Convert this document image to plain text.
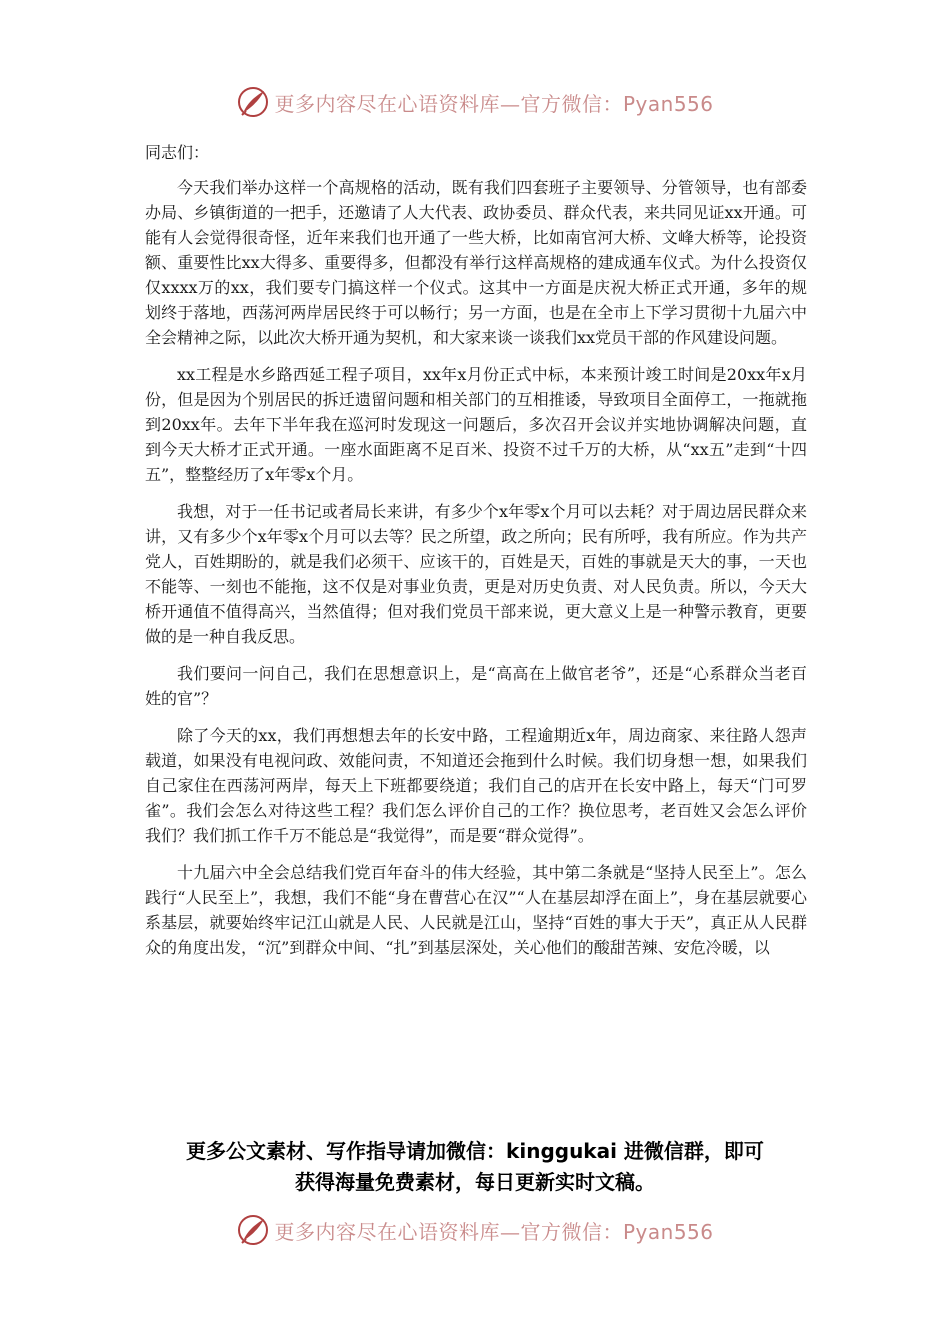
更多内容尽在心语资料库—官方微信：Pyan556

同志们：

今天我们举办这样一个高规格的活动，既有我们四套班子主要领导、分管领导，也有部委办局、乡镇街道的一把手，还邀请了人大代表、政协委员、群众代表，来共同见证xx开通。可能有人会觉得很奇怪，近年来我们也开通了一些大桥，比如南官河大桥、文峰大桥等，论投资额、重要性比xx大得多、重要得多，但都没有举行这样高规格的建成通车仪式。为什么投资仅仅xxxx万的xx，我们要专门搞这样一个仪式。这其中一方面是庆祝大桥正式开通，多年的规划终于落地，西荡河两岸居民终于可以畅行；另一方面，也是在全市上下学习贯彻十九届六中全会精神之际，以此次大桥开通为契机，和大家来谈一谈我们xx党员干部的作风建设问题。

xx工程是水乡路西延工程子项目，xx年x月份正式中标，本来预计竣工时间是20xx年x月份，但是因为个别居民的拆迁遗留问题和相关部门的互相推诿，导致项目全面停工，一拖就拖到20xx年。去年下半年我在巡河时发现这一问题后，多次召开会议并实地协调解决问题，直到今天大桥才正式开通。一座水面距离不足百米、投资不过千万的大桥，从“xx五”走到“十四五”，整整经历了x年零x个月。

我想，对于一任书记或者局长来讲，有多少个x年零x个月可以去耗？对于周边居民群众来讲，又有多少个x年零x个月可以去等？民之所望，政之所向；民有所呼，我有所应。作为共产党人，百姓期盼的，就是我们必须干、应该干的，百姓是天，百姓的事就是天大的事，一天也不能等、一刻也不能拖，这不仅是对事业负责，更是对历史负责、对人民负责。所以，今天大桥开通值不值得高兴，当然值得；但对我们党员干部来说，更大意义上是一种警示教育，更要做的是一种自我反思。

我们要问一问自己，我们在思想意识上，是“高高在上做官老爷”，还是“心系群众当老百姓的官”？

除了今天的xx，我们再想想去年的长安中路，工程逾期近x年，周边商家、来往路人怨声载道，如果没有电视问政、效能问责，不知道还会拖到什么时候。我们切身想一想，如果我们自己家住在西荡河两岸，每天上下班都要绕道；我们自己的店开在长安中路上，每天“门可罗雀”。我们会怎么对待这些工程？我们怎么评价自己的工作？换位思考，老百姓又会怎么评价我们？我们抓工作千万不能总是“我觉得”，而是要“群众觉得”。

十九届六中全会总结我们党百年奋斗的伟大经验，其中第二条就是“坚持人民至上”。怎么践行“人民至上”，我想，我们不能“身在曹营心在汉”“人在基层却浮在面上”，身在基层就要心系基层，就要始终牢记江山就是人民、人民就是江山，坚持“百姓的事大于天”，真正从人民群众的角度出发，“沉”到群众中间、“扎”到基层深处，关心他们的酸甜苦辣、安危冷暖，以

更多公文素材、写作指导请加微信：kinggukai 进微信群，即可
获得海量免费素材，每日更新实时文稿。
更多内容尽在心语资料库—官方微信：Pyan556
